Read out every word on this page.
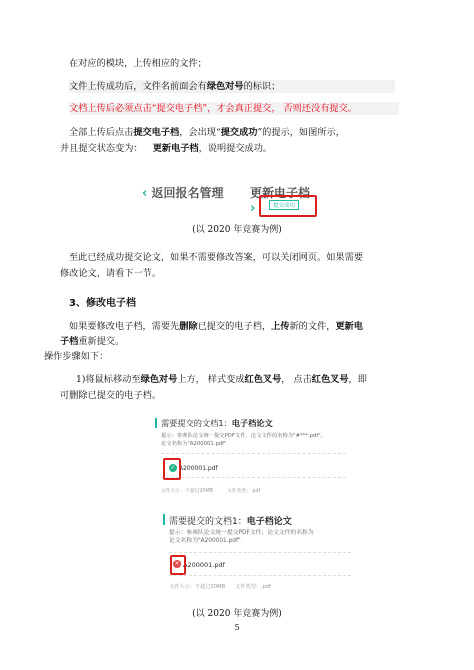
在对应的模块，上传相应的文件；
文件上传成功后，文件名前面会有绿色对号的标识；
文档上传后必须点击“提交电子档”，才会真正提交， 否则还没有提交。
全部上传后点击提交电子档，会出现“提交成功”的提示，如图所示，
并且提交状态变为： 更新电子档，说明提交成功。
‹ 返回报名管理 更新电子档 ›	提交成功
(以 2020 年竞赛为例)
至此已经成功提交论文，如果不需要修改答案，可以关闭网页。如果需要
修改论文，请看下一节。
3、修改电子档
如果要修改电子档，需要先删除已提交的电子档，上传新的文件，更新电
子档重新提交。
操作步骤如下：
1)将鼠标移动至绿色对号上方， 样式变成红色叉号， 点击红色叉号，即
可删除已提交的电子档。
需要提交的文档1：电子档论文
提示：参赛队论文统一提交PDF文件，论文文件的名称为"#***.pdf"，
论文名称为"A200001.pdf"
✓ A200001.pdf
文件大小：不超过20MB	文件类型：.pdf
需要提交的文档1：电子档论文
提示：参赛队论文统一提交PDF文件，论文文件的名称为
论文名称为"A200001.pdf"
× A200001.pdf
文件大小：不超过20MB 文件类型：.pdf
(以 2020 年竞赛为例)
5
